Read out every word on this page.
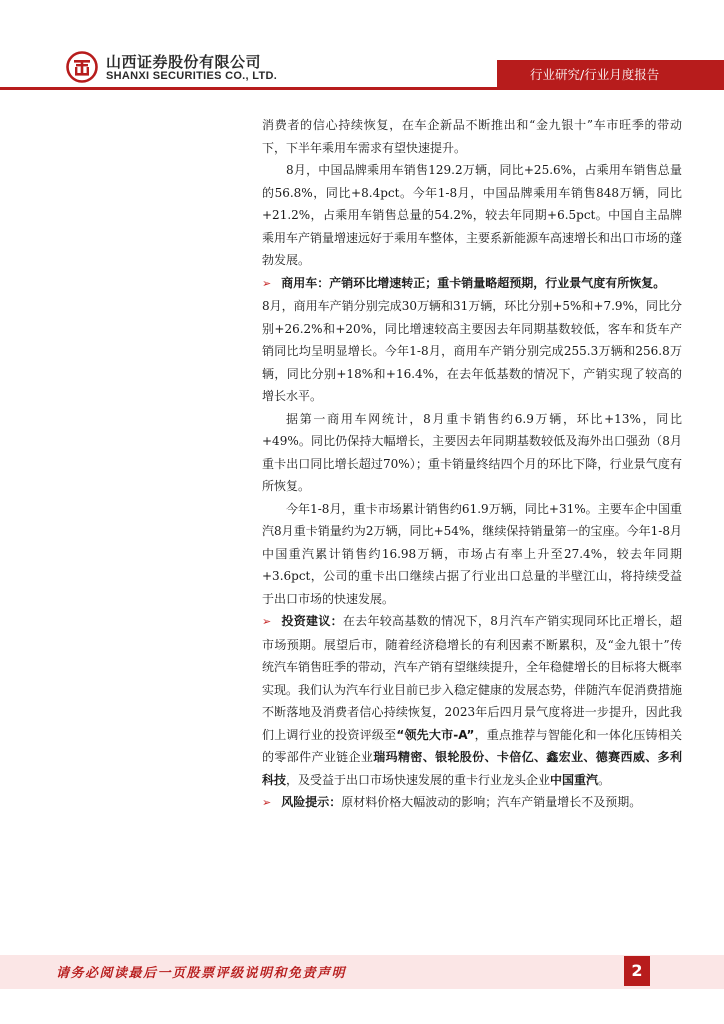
山西证券股份有限公司
SHANXI SECURITIES CO., LTD.	行业研究/行业月度报告

消费者的信心持续恢复，在车企新品不断推出和“金九银十”车市旺季的带动下，下半年乘用车需求有望快速提升。

8月，中国品牌乘用车销售129.2万辆，同比+25.6%，占乘用车销售总量的56.8%，同比+8.4pct。今年1-8月，中国品牌乘用车销售848万辆，同比+21.2%，占乘用车销售总量的54.2%，较去年同期+6.5pct。中国自主品牌乘用车产销量增速远好于乘用车整体，主要系新能源车高速增长和出口市场的蓬勃发展。

➢ 商用车：产销环比增速转正；重卡销量略超预期，行业景气度有所恢复。

8月，商用车产销分别完成30万辆和31万辆，环比分别+5%和+7.9%，同比分别+26.2%和+20%，同比增速较高主要因去年同期基数较低，客车和货车产销同比均呈明显增长。今年1-8月，商用车产销分别完成255.3万辆和256.8万辆，同比分别+18%和+16.4%，在去年低基数的情况下，产销实现了较高的增长水平。

据第一商用车网统计，8月重卡销售约6.9万辆，环比+13%，同比+49%。同比仍保持大幅增长，主要因去年同期基数较低及海外出口强劲（8月重卡出口同比增长超过70%）；重卡销量终结四个月的环比下降，行业景气度有所恢复。

今年1-8月，重卡市场累计销售约61.9万辆，同比+31%。主要车企中国重汽8月重卡销量约为2万辆，同比+54%，继续保持销量第一的宝座。今年1-8月中国重汽累计销售约16.98万辆，市场占有率上升至27.4%，较去年同期+3.6pct，公司的重卡出口继续占据了行业出口总量的半壁江山，将持续受益于出口市场的快速发展。

➢ 投资建议：在去年较高基数的情况下，8月汽车产销实现同环比正增长，超市场预期。展望后市，随着经济稳增长的有利因素不断累积，及“金九银十”传统汽车销售旺季的带动，汽车产销有望继续提升，全年稳健增长的目标将大概率实现。我们认为汽车行业目前已步入稳定健康的发展态势，伴随汽车促消费措施不断落地及消费者信心持续恢复，2023年后四月景气度将进一步提升，因此我们上调行业的投资评级至“领先大市-A”，重点推荐与智能化和一体化压铸相关的零部件产业链企业瑞玛精密、银轮股份、卡倍亿、鑫宏业、德赛西威、多利科技，及受益于出口市场快速发展的重卡行业龙头企业中国重汽。

➢ 风险提示：原材料价格大幅波动的影响；汽车产销量增长不及预期。

请务必阅读最后一页股票评级说明和免责声明	2
